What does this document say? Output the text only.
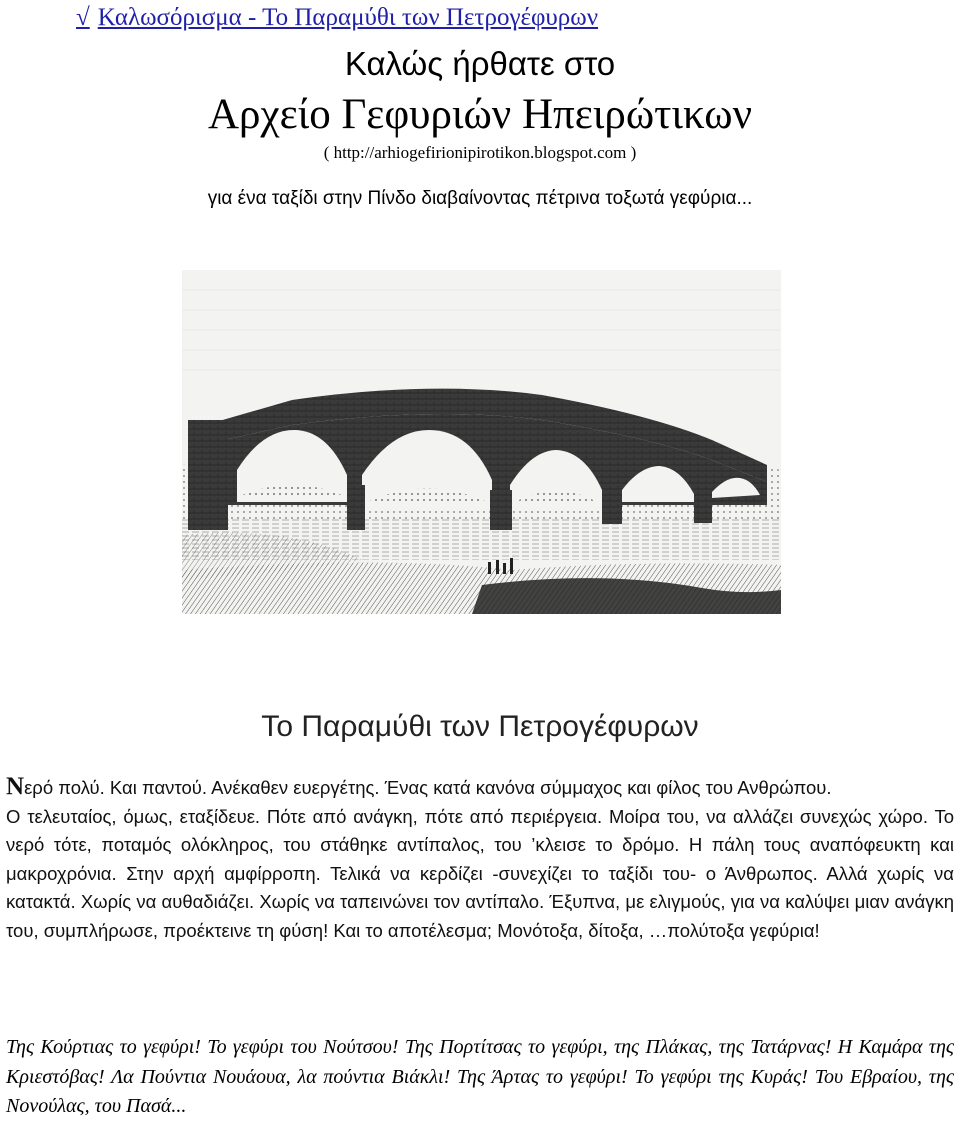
√ Καλωσόρισμα - Το Παραμύθι των Πετρογέφυρων
Καλώς ήρθατε στο
Αρχείο Γεφυριών Ηπειρώτικων
( http://arhiogefirionipirotikon.blogspot.com )
για ένα ταξίδι στην Πίνδο διαβαίνοντας πέτρινα τοξωτά γεφύρια...
Το Παραμύθι των Πετρογέφυρων

Νερό πολύ. Και παντού. Ανέκαθεν ευεργέτης. Ένας κατά κανόνα σύμμαχος και φίλος του Ανθρώπου.

Ο τελευταίος, όμως, εταξίδευε. Πότε από ανάγκη, πότε από περιέργεια. Μοίρα του, να αλλάζει συνεχώς χώρο. Το νερό τότε, ποταμός ολόκληρος, του στάθηκε αντίπαλος, του ’κλεισε το δρόμο. Η πάλη τους αναπόφευκτη και μακροχρόνια. Στην αρχή αμφίρροπη. Τελικά να κερδίζει -συνεχίζει το ταξίδι του- ο Άνθρωπος. Αλλά χωρίς να κατακτά. Χωρίς να αυθαδιάζει. Χωρίς να ταπεινώνει τον αντίπαλο. Έξυπνα, με ελιγμούς, για να καλύψει μιαν ανάγκη του, συμπλήρωσε, προέκτεινε τη φύση! Και το αποτέλεσμα; Μονότοξα, δίτοξα, …πολύτοξα γεφύρια!

Της Κούρτιας το γεφύρι! Το γεφύρι του Νούτσου! Της Πορτίτσας το γεφύρι, της Πλάκας, της Τατάρνας! Η Καμάρα της Κριεστόβας! Λα Πούντια Νουάουα, λα πούντια Βιάκλι! Της Άρτας το γεφύρι! Το γεφύρι της Κυράς! Του Εβραίου, της Νονούλας, του Πασά...
